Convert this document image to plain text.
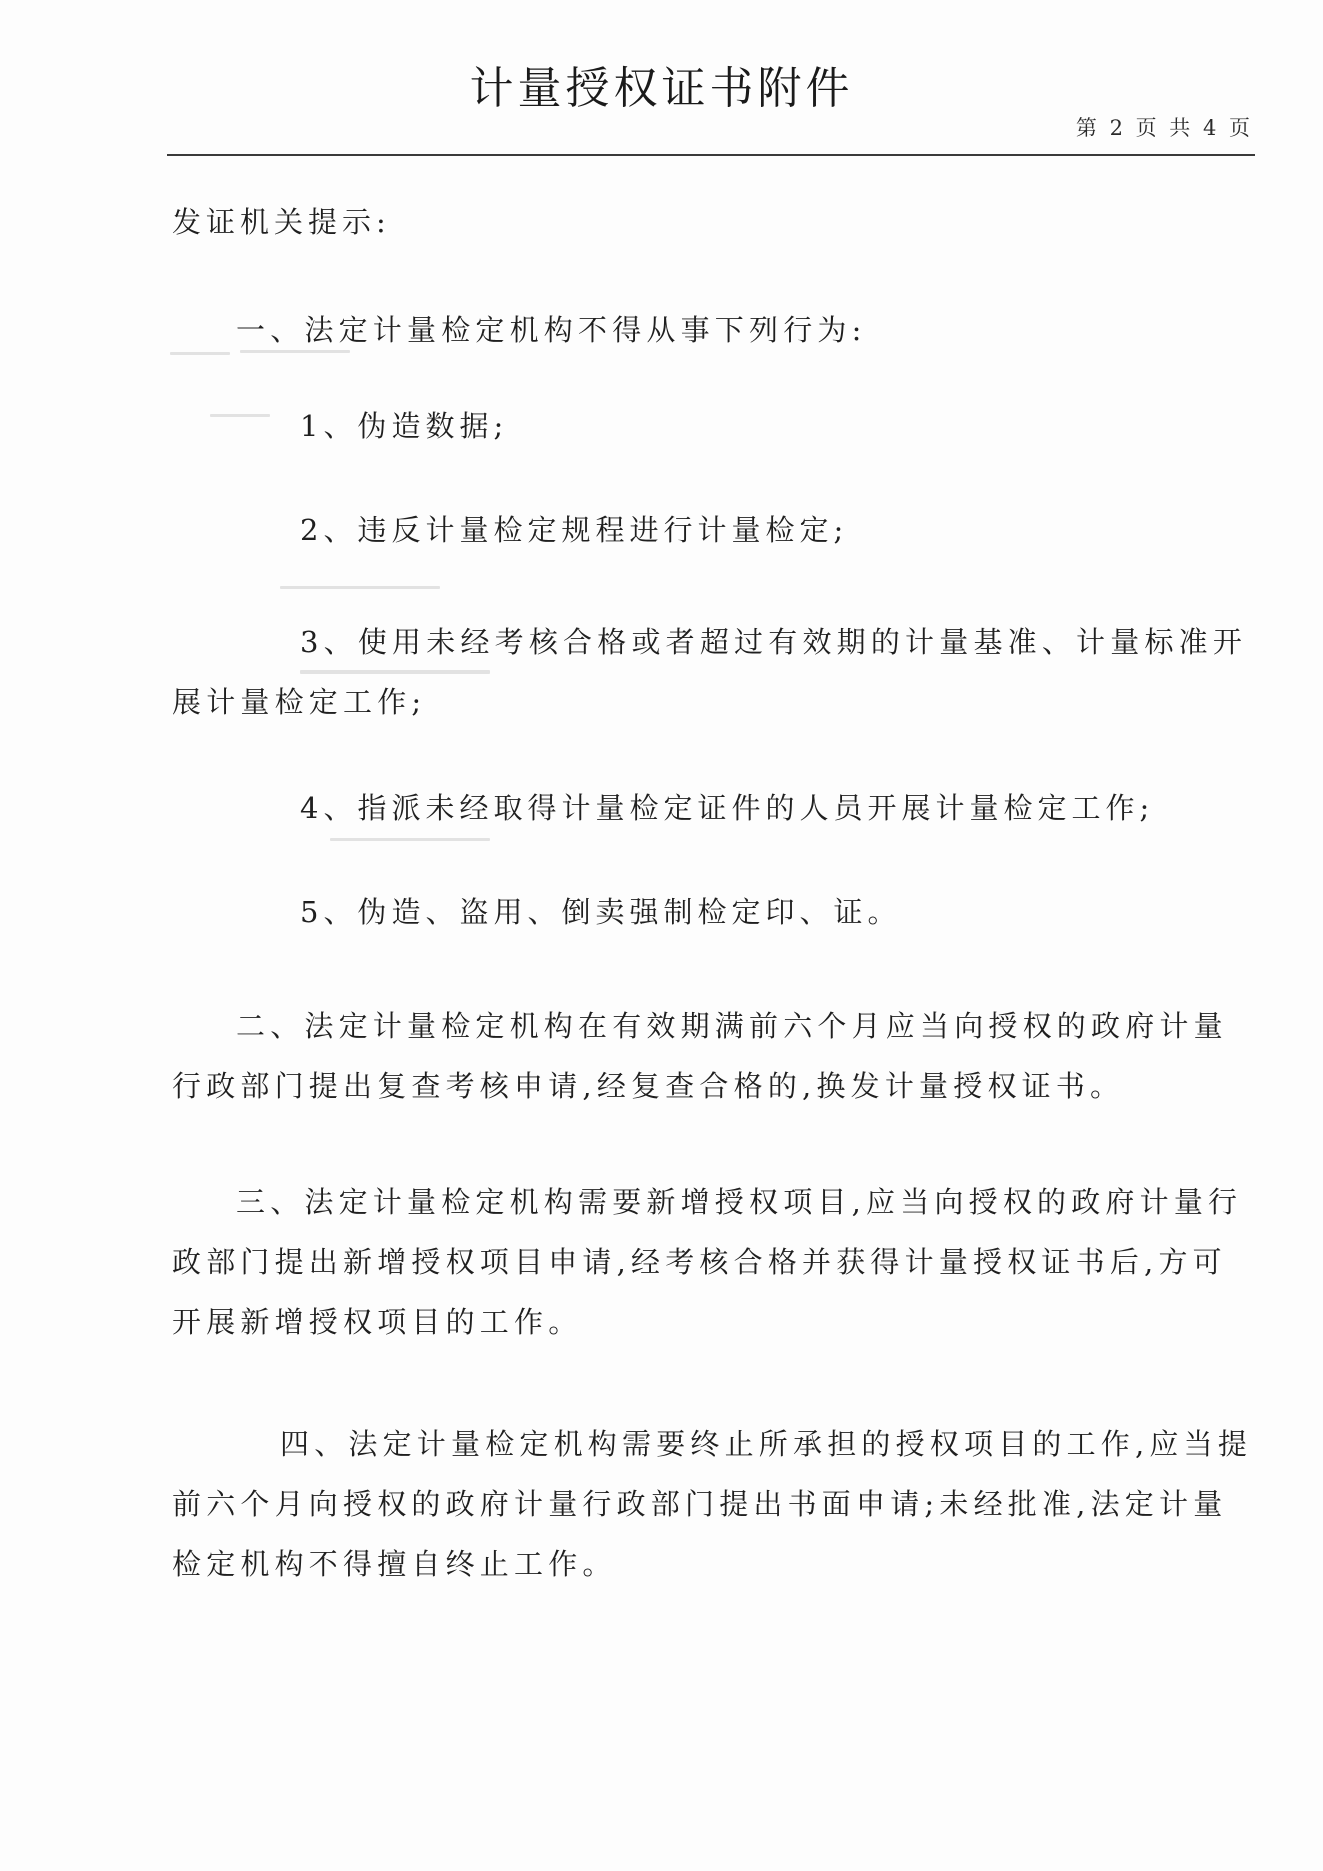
计量授权证书附件
第 2 页 共 4 页
发证机关提示:

一、法定计量检定机构不得从事下列行为:

1、伪造数据;

2、违反计量检定规程进行计量检定;

3、使用未经考核合格或者超过有效期的计量基准、计量标准开展计量检定工作;

4、指派未经取得计量检定证件的人员开展计量检定工作;

5、伪造、盗用、倒卖强制检定印、证。

二、法定计量检定机构在有效期满前六个月应当向授权的政府计量行政部门提出复查考核申请,经复查合格的,换发计量授权证书。

三、法定计量检定机构需要新增授权项目,应当向授权的政府计量行政部门提出新增授权项目申请,经考核合格并获得计量授权证书后,方可开展新增授权项目的工作。

四、法定计量检定机构需要终止所承担的授权项目的工作,应当提前六个月向授权的政府计量行政部门提出书面申请;未经批准,法定计量检定机构不得擅自终止工作。
